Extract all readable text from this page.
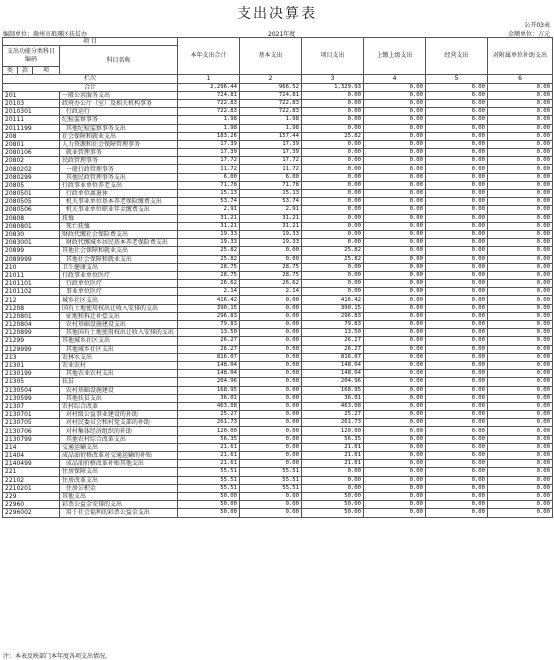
支出决算表
公开03表
编制单位：滁州市琅琊区扶贫办	2021年度	金额单位：万元
项 目				本年支出合计	基本支出	项目支出	上缴上级支出	经营支出	对附属单位补助支出
支出功能分类科目编码			科目名称						
类	款	项							
栏次				1	2	3	4	5	6
合计				2,296.44	966.52	1,329.93	0.00	0.00	0.00
201			一般公共服务支出	724.81	724.81	0.00	0.00	0.00	0.00
20103			政府办公厅（室）及相关机构事务	722.83	722.83	0.00	0.00	0.00	0.00
2010301			行政运行	722.83	722.83	0.00	0.00	0.00	0.00
20111			纪检监察事务	1.98	1.98	0.00	0.00	0.00	0.00
2011199			其他纪检监察事务支出	1.98	1.98	0.00	0.00	0.00	0.00
208			社会保障和就业支出	183.26	157.44	25.82	0.00	0.00	0.00
20801			人力资源和社会保障管理事务	17.39	17.39	0.00	0.00	0.00	0.00
2080106			就业管理事务	17.39	17.39	0.00	0.00	0.00	0.00
20802			民政管理事务	17.72	17.72	0.00	0.00	0.00	0.00
2080202			一般行政管理事务	11.72	11.72	0.00	0.00	0.00	0.00
2080299			其他民政管理事务支出	6.00	6.00	0.00	0.00	0.00	0.00
20805			行政事业单位养老支出	71.78	71.78	0.00	0.00	0.00	0.00
2080501			行政单位离退休	15.13	15.13	0.00	0.00	0.00	0.00
2080505			机关事业单位基本养老保险缴费支出	53.74	53.74	0.00	0.00	0.00	0.00
2080506			机关事业单位职业年金缴费支出	2.91	2.91	0.00	0.00	0.00	0.00
20808			抚恤	31.21	31.21	0.00	0.00	0.00	0.00
2080801			死亡抚恤	31.21	31.21	0.00	0.00	0.00	0.00
20830			财政代缴社会保险费支出	19.33	19.33	0.00	0.00	0.00	0.00
2083001			财政代缴城乡居民基本养老保险费支出	19.33	19.33	0.00	0.00	0.00	0.00
20899			其他社会保障和就业支出	25.82	0.00	25.82	0.00	0.00	0.00
2089999			其他社会保障和就业支出	25.82	0.00	25.82	0.00	0.00	0.00
210			卫生健康支出	28.75	28.75	0.00	0.00	0.00	0.00
21011			行政事业单位医疗	28.75	28.75	0.00	0.00	0.00	0.00
2101101			行政单位医疗	26.62	26.62	0.00	0.00	0.00	0.00
2101102			事业单位医疗	2.14	2.14	0.00	0.00	0.00	0.00
212			城乡社区支出	416.42	0.00	416.42	0.00	0.00	0.00
21208			国有土地使用权出让收入安排的支出	390.15	0.00	390.15	0.00	0.00	0.00
2120801			征地和拆迁补偿支出	296.83	0.00	296.83	0.00	0.00	0.00
2120804			农村基础设施建设支出	79.83	0.00	79.83	0.00	0.00	0.00
2120899			其他国有土地使用权出让收入安排的支出	13.50	0.00	13.50	0.00	0.00	0.00
21299			其他城乡社区支出	26.27	0.00	26.27	0.00	0.00	0.00
2129999			其他城乡社区支出	26.27	0.00	26.27	0.00	0.00	0.00
213			农林水支出	816.07	0.00	816.07	0.00	0.00	0.00
21301			农业农村	148.04	0.00	148.04	0.00	0.00	0.00
2130199			其他农业农村支出	148.04	0.00	148.04	0.00	0.00	0.00
21305			扶贫	204.96	0.00	204.96	0.00	0.00	0.00
2130504			农村基础设施建设	168.95	0.00	168.95	0.00	0.00	0.00
2130599			其他扶贫支出	36.01	0.00	36.01	0.00	0.00	0.00
21307			农村综合改革	463.08	0.00	463.08	0.00	0.00	0.00
2130701			对村级公益事业建设的补助	25.27	0.00	25.27	0.00	0.00	0.00
2130705			对村民委员会和村党支部的补助	261.73	0.00	261.73	0.00	0.00	0.00
2130706			对村集体经济组织的补助	120.00	0.00	120.00	0.00	0.00	0.00
2130799			其他农村综合改革支出	56.35	0.00	56.35	0.00	0.00	0.00
214			交通运输支出	21.61	0.00	21.61	0.00	0.00	0.00
21404			成品油价格改革对交通运输的补贴	21.61	0.00	21.61	0.00	0.00	0.00
2140499			成品油价格改革补贴其他支出	21.61	0.00	21.61	0.00	0.00	0.00
221			住房保障支出	55.51	55.51	0.00	0.00	0.00	0.00
22102			住房改革支出	55.51	55.51	0.00	0.00	0.00	0.00
2210201			住房公积金	55.51	55.51	0.00	0.00	0.00	0.00
229			其他支出	50.00	0.00	50.00	0.00	0.00	0.00
22960			彩票公益金安排的支出	50.00	0.00	50.00	0.00	0.00	0.00
2296002			用于社会福利的彩票公益金支出	50.00	0.00	50.00	0.00	0.00	0.00
注：本表反映部门本年度各项支出情况。
